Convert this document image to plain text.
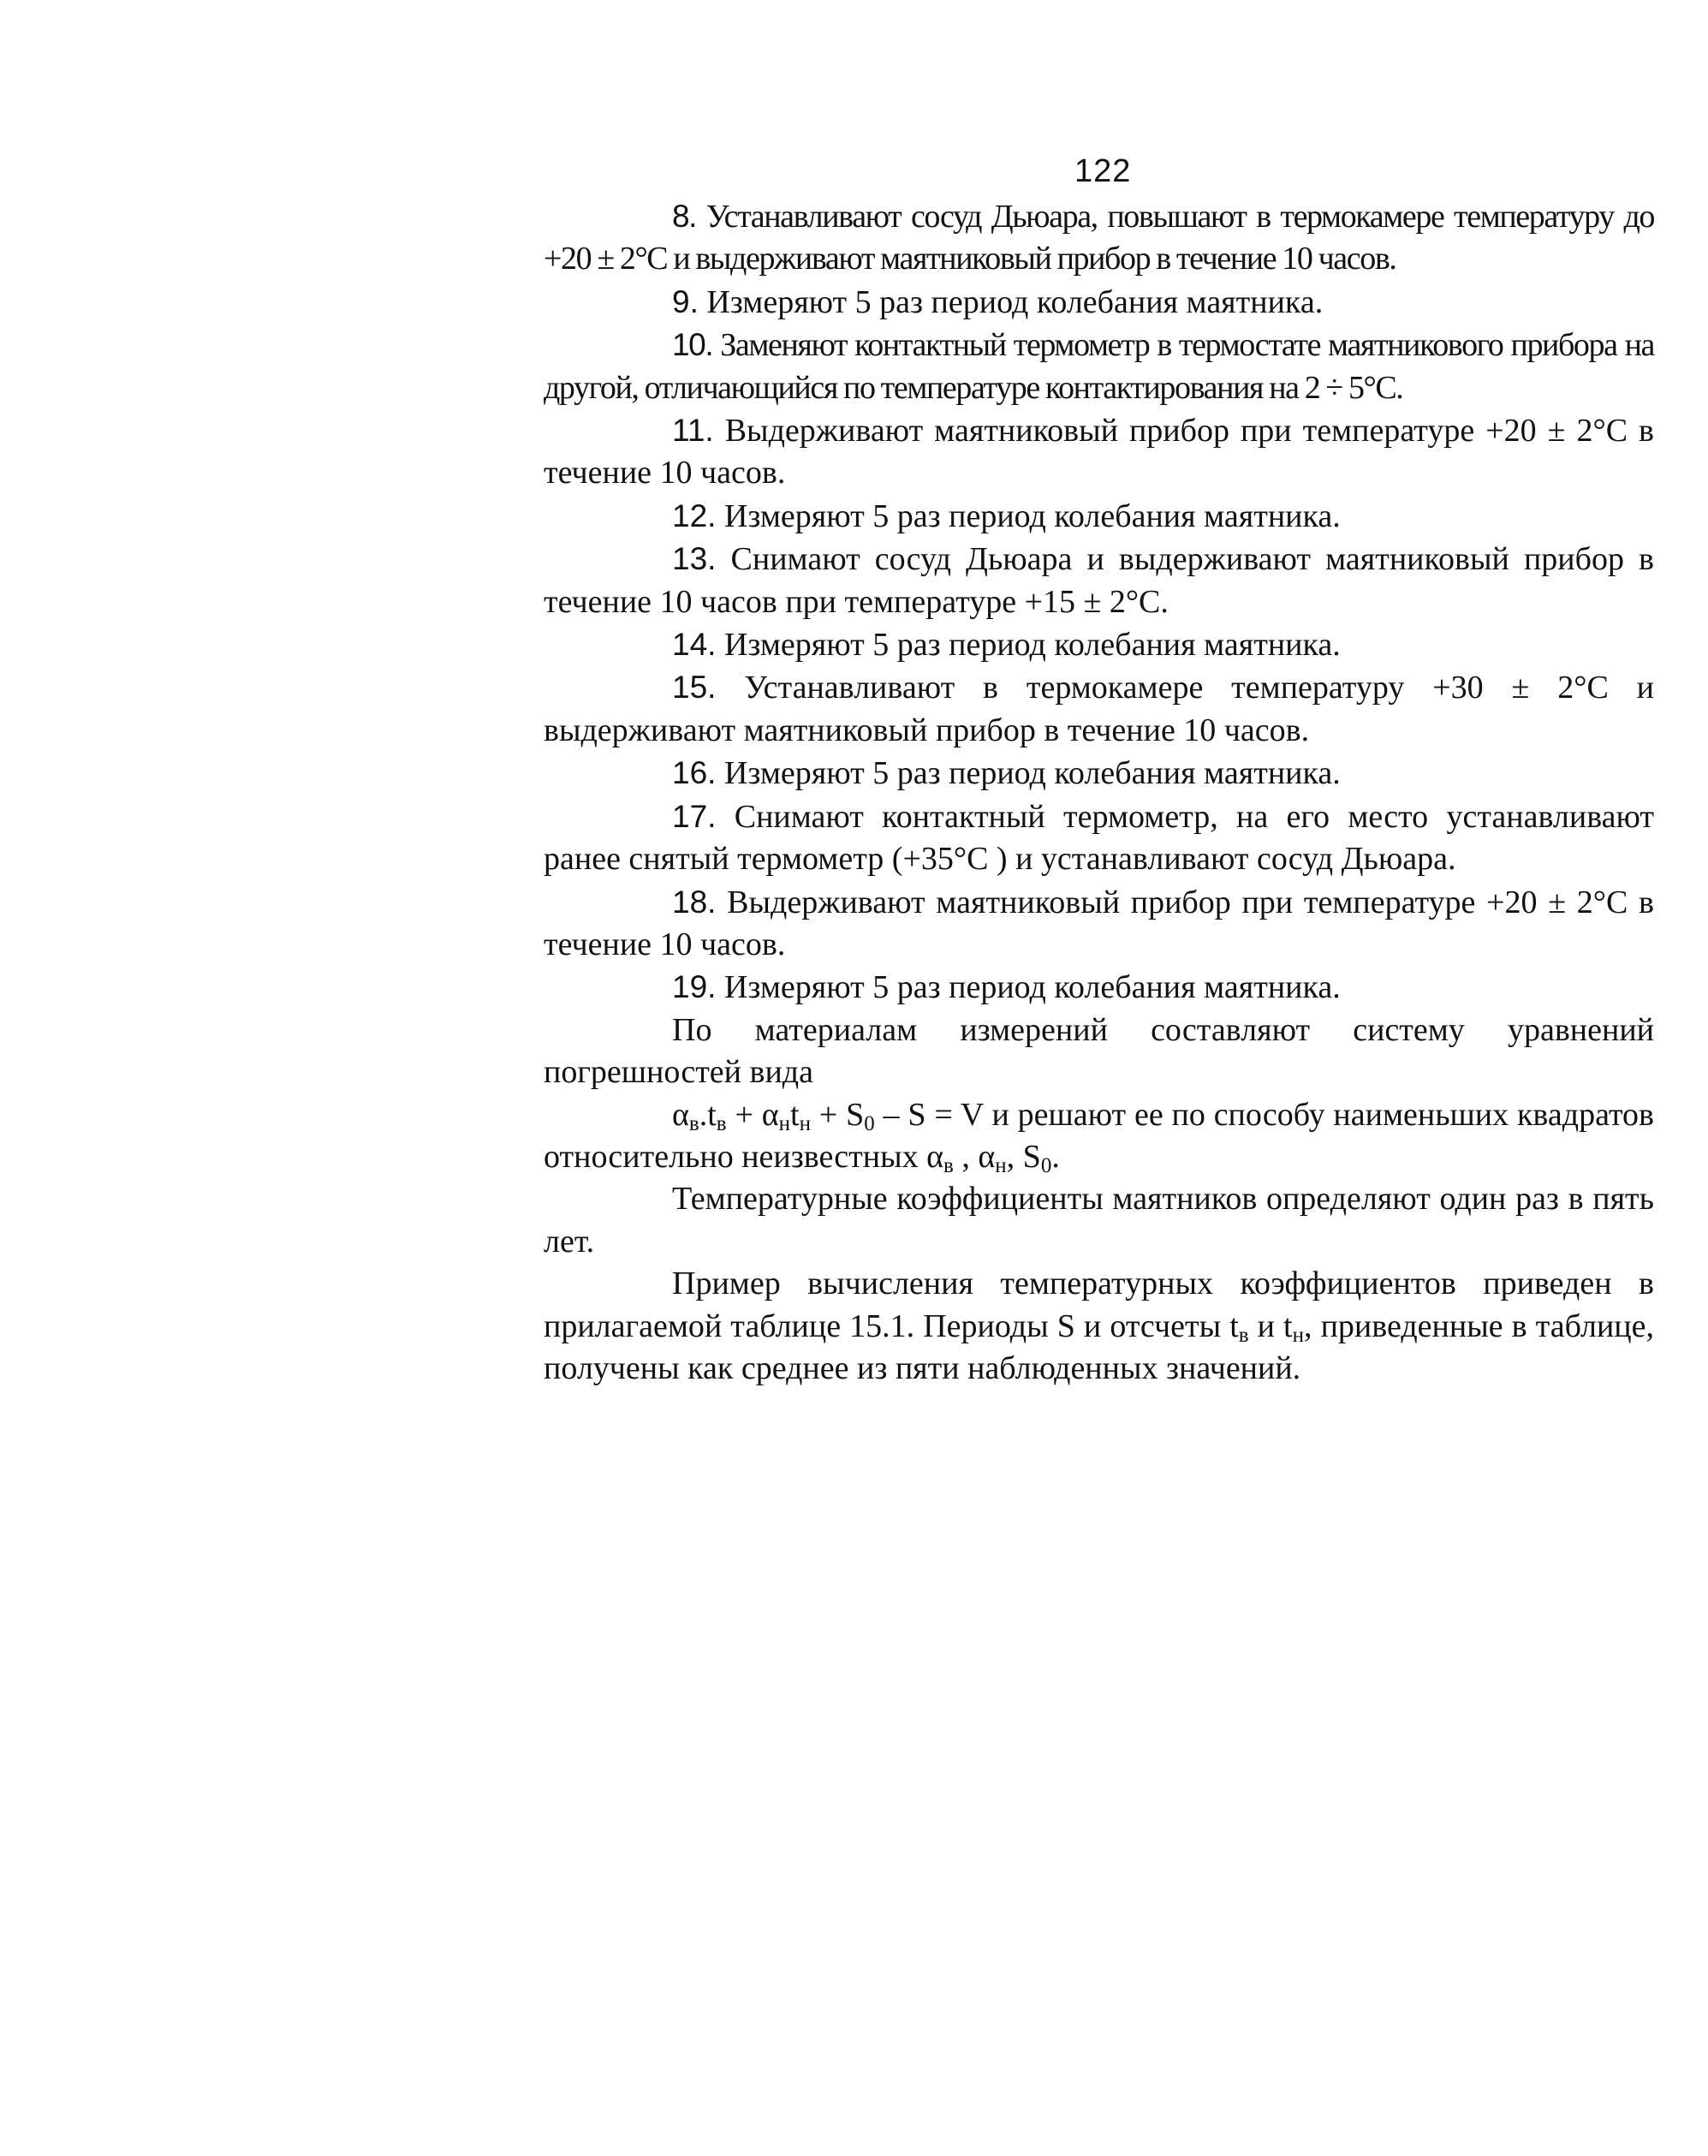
122

8. Устанавливают сосуд Дьюара, повышают в термокамере температуру до +20 ± 2°С и выдерживают маятниковый прибор в течение 10 часов.

9. Измеряют 5 раз период колебания маятника.

10. Заменяют контактный термометр в термостате маятникового прибора на другой, отличающийся по температуре контактирования на 2 ÷ 5°С.

11. Выдерживают маятниковый прибор при температуре +20 ± 2°С в течение 10 часов.

12. Измеряют 5 раз период колебания маятника.

13. Снимают сосуд Дьюара и выдерживают маятниковый прибор в течение 10 часов при температуре +15 ± 2°С.

14. Измеряют 5 раз период колебания маятника.

15. Устанавливают в термокамере температуру +30 ± 2°С и выдерживают маятниковый прибор в течение 10 часов.

16. Измеряют 5 раз период колебания маятника.

17. Снимают контактный термометр, на его место устанавливают ранее снятый термометр (+35°С ) и устанавливают сосуд Дьюара.

18. Выдерживают маятниковый прибор при температуре +20 ± 2°С в течение 10 часов.

19. Измеряют 5 раз период колебания маятника.

По материалам измерений составляют систему уравнений погрешностей вида

$\alpha_в.t_в + \alpha_нt_н + S_0 - S = V$ и решают ее по способу наименьших квадратов относительно неизвестных $\alpha_в$ , $\alpha_н$, $S_0$.

Температурные коэффициенты маятников определяют один раз в пять лет.

Пример вычисления температурных коэффициентов приведен в прилагаемой таблице 15.1. Периоды S и отсчеты $t_в$ и $t_н$, приведенные в таблице, получены как среднее из пяти наблюденных значений.
